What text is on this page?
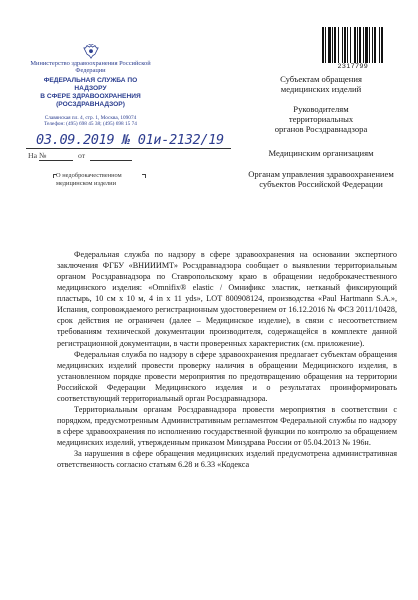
Министерство здравоохранения Российской Федерации
ФЕДЕРАЛЬНАЯ СЛУЖБА ПО НАДЗОРУ
В СФЕРЕ ЗДРАВООХРАНЕНИЯ
(РОСЗДРАВНАДЗОР)
Славянская пл. 4, стр. 1, Москва, 109074
Телефон: (495) 698 45 38; (495) 698 15 74
03.09.2019 № 01и-2132/19
На №	от
О недоброкачественном
медицинском изделии
2317799
Субъектам обращения
медицинских изделий
Руководителям
территориальных
органов Росздравнадзора
Медицинским организациям
Органам управления здравоохранением
субъектов Российской Федерации

Федеральная служба по надзору в сфере здравоохранения на основании экспертного заключения ФГБУ «ВНИИИМТ» Росздравнадзора сообщает о выявлении территориальным органом Росздравнадзора по Ставропольскому краю в обращении недоброкачественного медицинского изделия: «Omnifix® elastic / Омнификс эластик, нетканый фиксирующий пластырь, 10 см x 10 м, 4 in x 11 yds», LOT 800908124, производства «Paul Hartmann S.A.», Испания, сопровождаемого регистрационным удостоверением от 16.12.2016 № ФСЗ 2011/10428, срок действия не ограничен (далее – Медицинское изделие), в связи с несоответствием требованиям технической документации производителя, содержащейся в комплекте данной регистрационной документации, в части проверенных характеристик (см. приложение).

Федеральная служба по надзору в сфере здравоохранения предлагает субъектам обращения медицинских изделий провести проверку наличия в обращении Медицинского изделия, в установленном порядке провести мероприятия по предотвращению обращения на территории Российской Федерации Медицинского изделия и о результатах проинформировать соответствующий территориальный орган Росздравнадзора.

Территориальным органам Росздравнадзора провести мероприятия в соответствии с порядком, предусмотренным Административным регламентом Федеральной службы по надзору в сфере здравоохранения по исполнению государственной функции по контролю за обращением медицинских изделий, утвержденным приказом Минздрава России от 05.04.2013 № 196н.

За нарушения в сфере обращения медицинских изделий предусмотрена административная ответственность согласно статьям 6.28 и 6.33 «Кодекса
